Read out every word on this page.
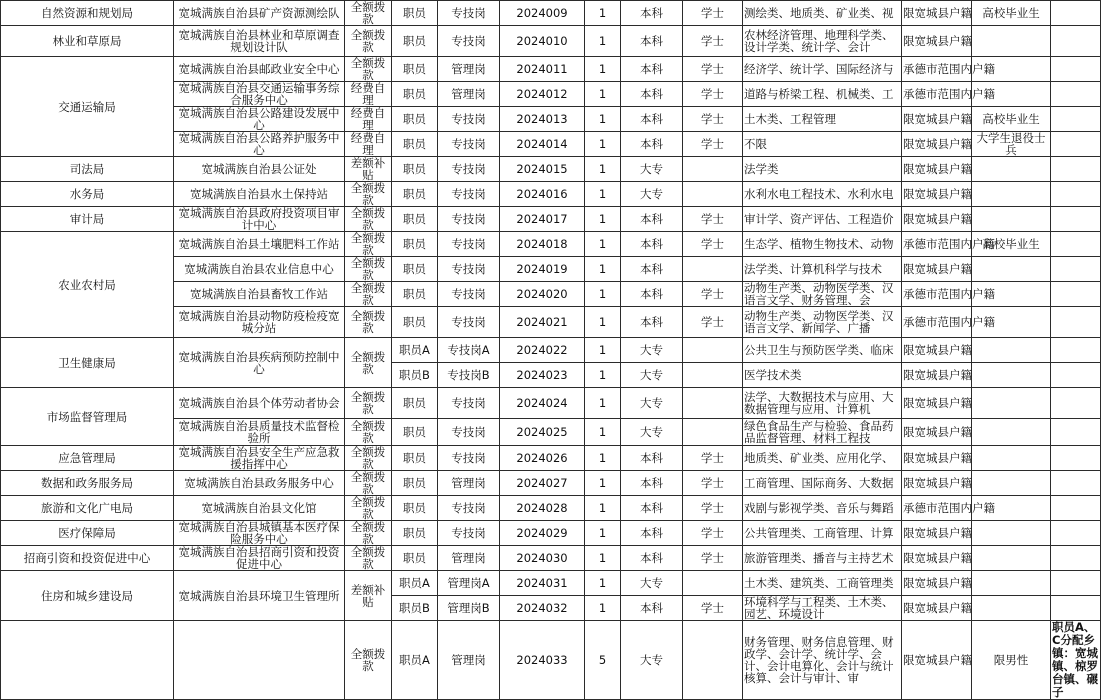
自然资源和规划局	宽城满族自治县矿产资源测绘队	全额拨款	职员	专技岗	2024009	1	本科	学士	测绘类、地质类、矿业类、视	限宽城县户籍	高校毕业生	
林业和草原局	宽城满族自治县林业和草原调查规划设计队	全额拨款	职员	专技岗	2024010	1	本科	学士	农林经济管理、地理科学类、设计学类、统计学、会计	限宽城县户籍		
交通运输局	宽城满族自治县邮政业安全中心	全额拨款	职员	管理岗	2024011	1	本科	学士	经济学、统计学、国际经济与	承德市范围内户籍		
	宽城满族自治县交通运输事务综合服务中心	经费自理	职员	管理岗	2024012	1	本科	学士	道路与桥梁工程、机械类、工	承德市范围内户籍		
	宽城满族自治县公路建设发展中心	经费自理	职员	专技岗	2024013	1	本科	学士	土木类、工程管理	限宽城县户籍	高校毕业生	
	宽城满族自治县公路养护服务中心	经费自理	职员	专技岗	2024014	1	本科	学士	不限	限宽城县户籍	大学生退役士兵	
司法局	宽城满族自治县公证处	差额补贴	职员	专技岗	2024015	1	大专		法学类	限宽城县户籍		
水务局	宽城满族自治县水土保持站	全额拨款	职员	专技岗	2024016	1	大专		水利水电工程技术、水利水电	限宽城县户籍		
审计局	宽城满族自治县政府投资项目审计中心	全额拨款	职员	专技岗	2024017	1	本科	学士	审计学、资产评估、工程造价	限宽城县户籍		
农业农村局	宽城满族自治县土壤肥料工作站	全额拨款	职员	专技岗	2024018	1	本科	学士	生态学、植物生物技术、动物	承德市范围内户籍	高校毕业生	
	宽城满族自治县农业信息中心	全额拨款	职员	专技岗	2024019	1	本科		法学类、计算机科学与技术	限宽城县户籍		
	宽城满族自治县畜牧工作站	全额拨款	职员	专技岗	2024020	1	本科	学士	动物生产类、动物医学类、汉语言文学、财务管理、会	承德市范围内户籍		
	宽城满族自治县动物防疫检疫宽城分站	全额拨款	职员	专技岗	2024021	1	本科	学士	动物生产类、动物医学类、汉语言文学、新闻学、广播	承德市范围内户籍		
卫生健康局	宽城满族自治县疾病预防控制中心	全额拨款	职员A	专技岗A	2024022	1	大专		公共卫生与预防医学类、临床	限宽城县户籍		
			职员B	专技岗B	2024023	1	大专		医学技术类	限宽城县户籍		
市场监督管理局	宽城满族自治县个体劳动者协会	全额拨款	职员	专技岗	2024024	1	大专		法学、大数据技术与应用、大数据管理与应用、计算机	限宽城县户籍		
	宽城满族自治县质量技术监督检验所	全额拨款	职员	专技岗	2024025	1	大专		绿色食品生产与检验、食品药品监督管理、材料工程技	限宽城县户籍		
应急管理局	宽城满族自治县安全生产应急救援指挥中心	全额拨款	职员	专技岗	2024026	1	本科	学士	地质类、矿业类、应用化学、	限宽城县户籍		
数据和政务服务局	宽城满族自治县政务服务中心	全额拨款	职员	管理岗	2024027	1	本科	学士	工商管理、国际商务、大数据	限宽城县户籍		
旅游和文化广电局	宽城满族自治县文化馆	全额拨款	职员	专技岗	2024028	1	本科	学士	戏剧与影视学类、音乐与舞蹈	承德市范围内户籍		
医疗保障局	宽城满族自治县城镇基本医疗保险服务中心	全额拨款	职员	专技岗	2024029	1	本科	学士	公共管理类、工商管理、计算	限宽城县户籍		
招商引资和投资促进中心	宽城满族自治县招商引资和投资促进中心	全额拨款	职员	管理岗	2024030	1	本科	学士	旅游管理类、播音与主持艺术	限宽城县户籍		
住房和城乡建设局	宽城满族自治县环境卫生管理所	差额补贴	职员A	管理岗A	2024031	1	大专		土木类、建筑类、工商管理类	限宽城县户籍		
			职员B	管理岗B	2024032	1	本科	学士	环境科学与工程类、土木类、园艺、环境设计	限宽城县户籍		
		全额拨款	职员A	管理岗	2024033	5	大专		财务管理、财务信息管理、财政学、会计学、统计学、会计、会计电算化、会计与统计核算、会计与审计、审	限宽城县户籍	限男性	职员A、C分配乡镇：宽城镇、椋罗台镇、碾子
